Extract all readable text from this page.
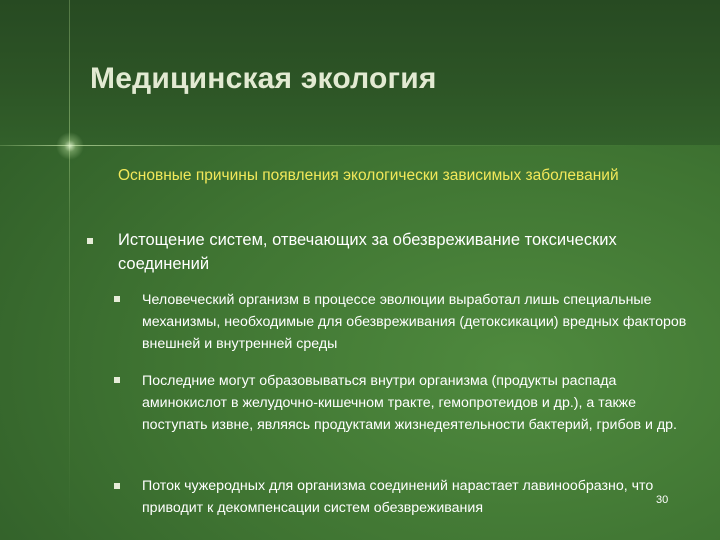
Медицинская экология
Основные причины появления экологически зависимых заболеваний
Истощение систем, отвечающих за обезвреживание токсических соединений
Человеческий организм в процессе эволюции выработал лишь специальные механизмы, необходимые для обезвреживания (детоксикации) вредных факторов внешней и внутренней среды
Последние могут образовываться внутри организма (продукты распада аминокислот в желудочно-кишечном тракте, гемопротеидов и др.), а также поступать извне, являясь продуктами жизнедеятельности бактерий, грибов и др.
Поток чужеродных для организма соединений нарастает лавинообразно, что приводит к декомпенсации систем обезвреживания	30
